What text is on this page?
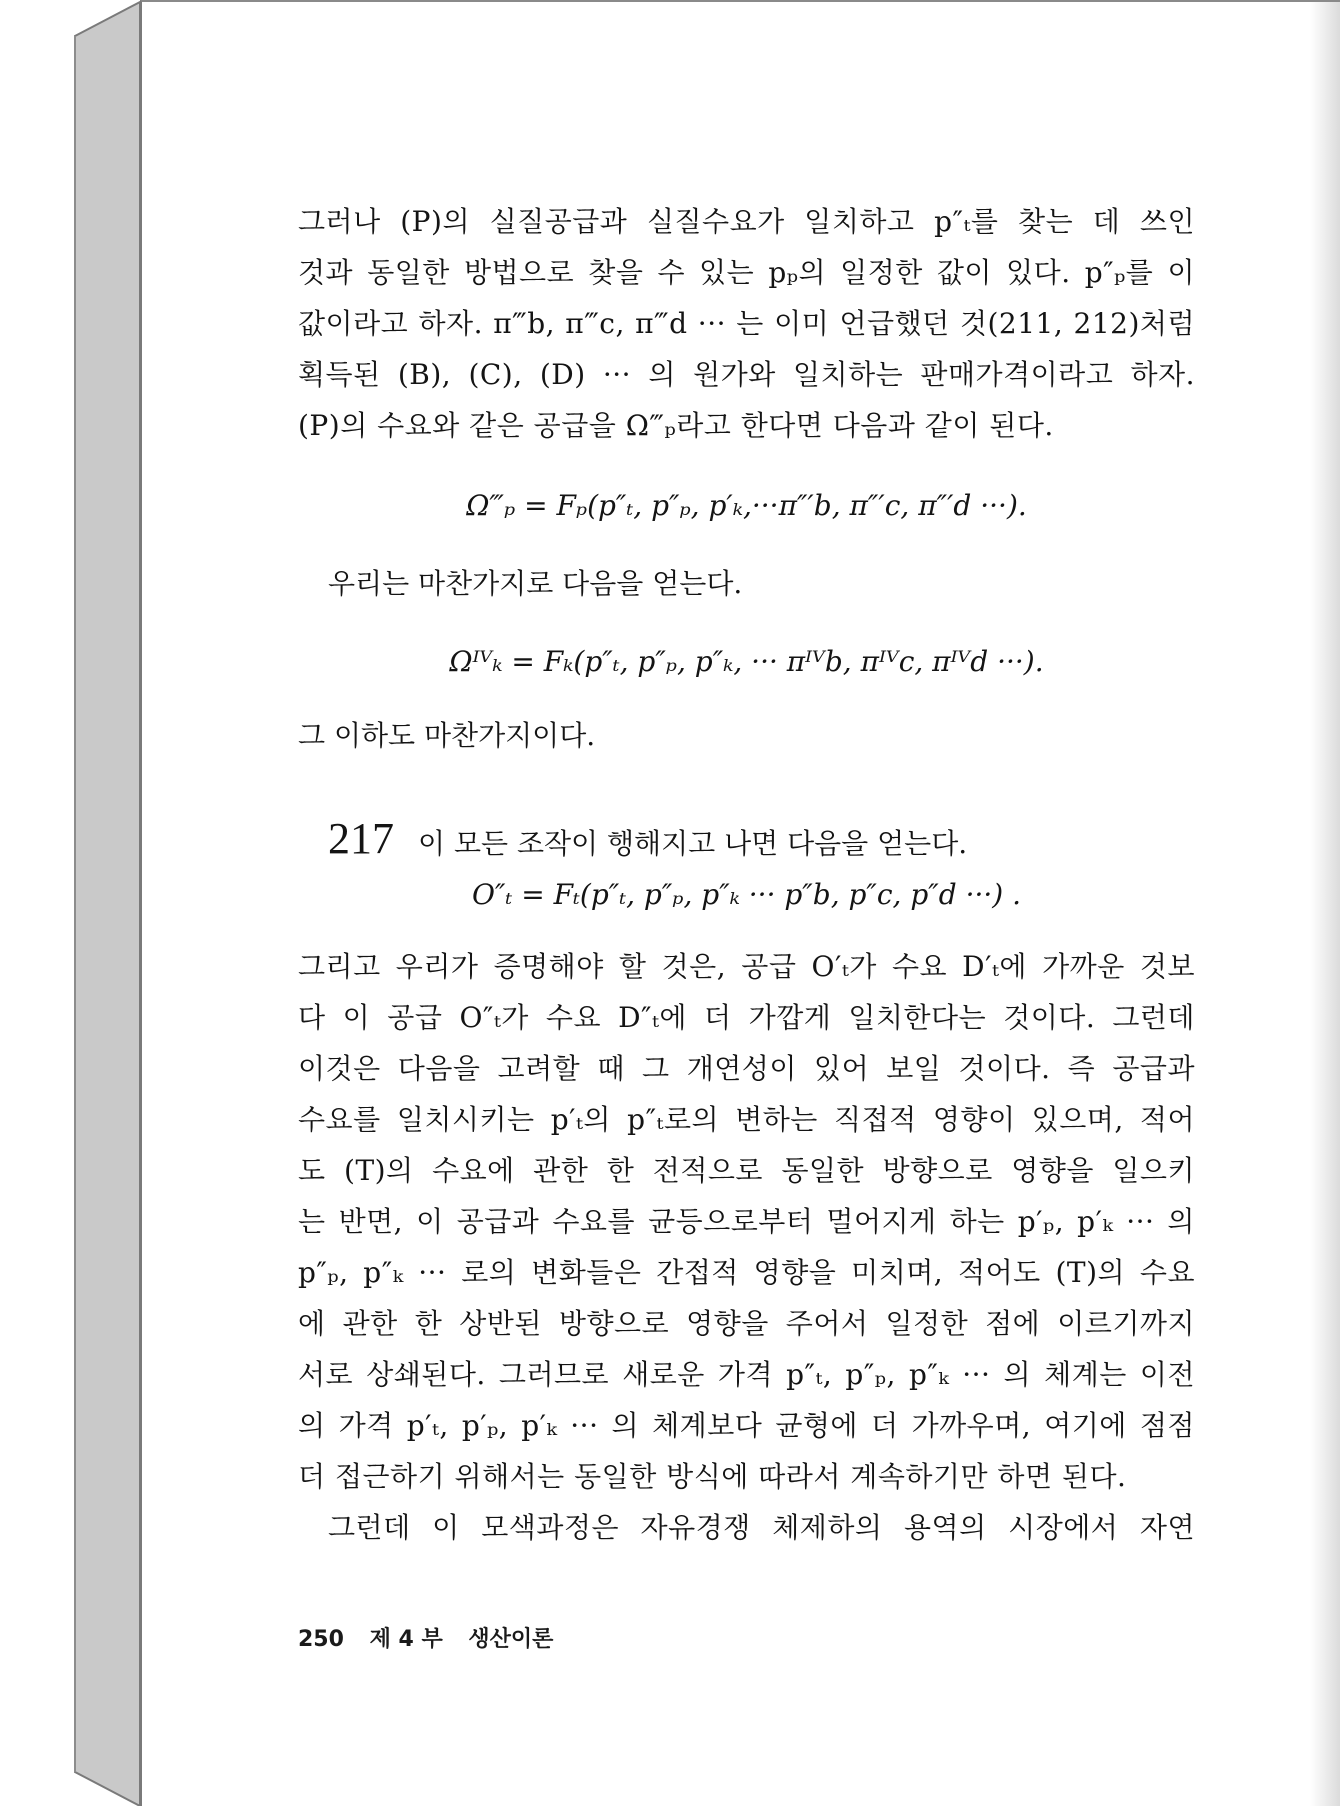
그러나 (P)의 실질공급과 실질수요가 일치하고 p″ₜ를 찾는 데 쓰인
것과 동일한 방법으로 찾을 수 있는 pₚ의 일정한 값이 있다. p″ₚ를 이
값이라고 하자. π‴b, π‴c, π‴d ··· 는 이미 언급했던 것(211, 212)처럼
획득된 (B), (C), (D) ··· 의 원가와 일치하는 판매가격이라고 하자.
(P)의 수요와 같은 공급을 Ω‴ₚ라고 한다면 다음과 같이 된다.
Ω‴ₚ = Fₚ(p″ₜ, p″ₚ, p′ₖ,···π″′b, π″′c, π″′d ···).
우리는 마찬가지로 다음을 얻는다.
Ωᴵⱽₖ = Fₖ(p″ₜ, p″ₚ, p″ₖ, ··· πᴵⱽb, πᴵⱽc, πᴵⱽd ···).
그 이하도 마찬가지이다.
217 이 모든 조작이 행해지고 나면 다음을 얻는다.
O″ₜ = Fₜ(p″ₜ, p″ₚ, p″ₖ ··· p″b, p″c, p″d ···) .
그리고 우리가 증명해야 할 것은, 공급 O′ₜ가 수요 D′ₜ에 가까운 것보
다 이 공급 O″ₜ가 수요 D″ₜ에 더 가깝게 일치한다는 것이다. 그런데
이것은 다음을 고려할 때 그 개연성이 있어 보일 것이다. 즉 공급과
수요를 일치시키는 p′ₜ의 p″ₜ로의 변하는 직접적 영향이 있으며, 적어
도 (T)의 수요에 관한 한 전적으로 동일한 방향으로 영향을 일으키
는 반면, 이 공급과 수요를 균등으로부터 멀어지게 하는 p′ₚ, p′ₖ ··· 의
p″ₚ, p″ₖ ··· 로의 변화들은 간접적 영향을 미치며, 적어도 (T)의 수요
에 관한 한 상반된 방향으로 영향을 주어서 일정한 점에 이르기까지
서로 상쇄된다. 그러므로 새로운 가격 p″ₜ, p″ₚ, p″ₖ ··· 의 체계는 이전
의 가격 p′ₜ, p′ₚ, p′ₖ ··· 의 체계보다 균형에 더 가까우며, 여기에 점점
더 접근하기 위해서는 동일한 방식에 따라서 계속하기만 하면 된다.
그런데 이 모색과정은 자유경쟁 체제하의 용역의 시장에서 자연
250 제 4 부 생산이론
